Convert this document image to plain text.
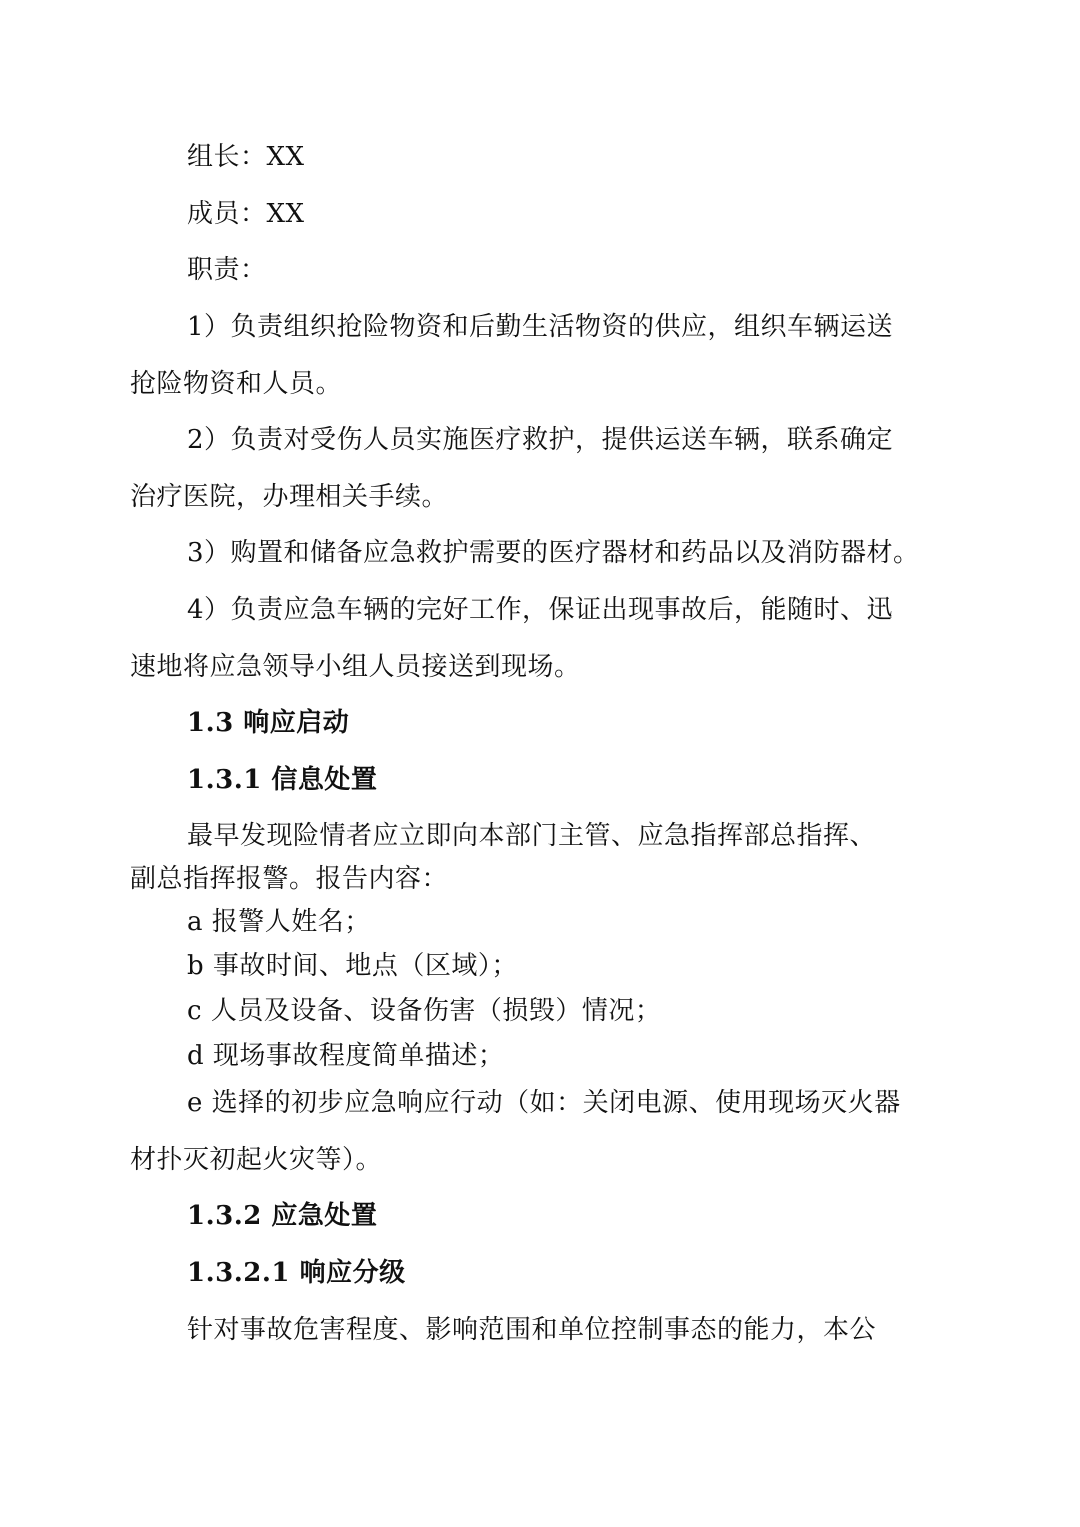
组长：XX
成员：XX
职责：
1）负责组织抢险物资和后勤生活物资的供应，组织车辆运送
抢险物资和人员。
2）负责对受伤人员实施医疗救护，提供运送车辆，联系确定
治疗医院，办理相关手续。
3）购置和储备应急救护需要的医疗器材和药品以及消防器材。
4）负责应急车辆的完好工作，保证出现事故后，能随时、迅
速地将应急领导小组人员接送到现场。
1.3 响应启动
1.3.1 信息处置
最早发现险情者应立即向本部门主管、应急指挥部总指挥、
副总指挥报警。报告内容：
a 报警人姓名；
b 事故时间、地点（区域）；
c 人员及设备、设备伤害（损毁）情况；
d 现场事故程度简单描述；
e 选择的初步应急响应行动（如：关闭电源、使用现场灭火器
材扑灭初起火灾等）。
1.3.2 应急处置
1.3.2.1 响应分级
针对事故危害程度、影响范围和单位控制事态的能力，本公
